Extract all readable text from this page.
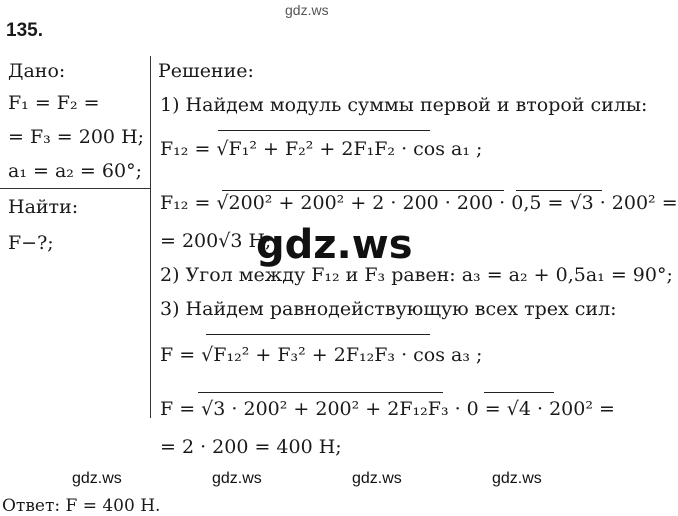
gdz.ws
135.
Дано:
F₁ = F₂ =
= F₃ = 200 Н;
a₁ = a₂ = 60°;
Найти:
F−?;
Решение:
1) Найдем модуль суммы первой и второй силы:
F₁₂ = √F₁² + F₂² + 2F₁F₂ · cos a₁ ;
F₁₂ = √200² + 200² + 2 · 200 · 200 · 0,5 = √3 · 200² =
= 200√3 Н;
2) Угол между F₁₂ и F₃ равен: a₃ = a₂ + 0,5a₁ = 90°;
3) Найдем равнодействующую всех трех сил:
F = √F₁₂² + F₃² + 2F₁₂F₃ · cos a₃ ;
F = √3 · 200² + 200² + 2F₁₂F₃ · 0 = √4 · 200² =
= 2 · 200 = 400 Н;
gdz.ws
gdz.ws	gdz.ws	gdz.ws	gdz.ws
Ответ: F = 400 Н.
